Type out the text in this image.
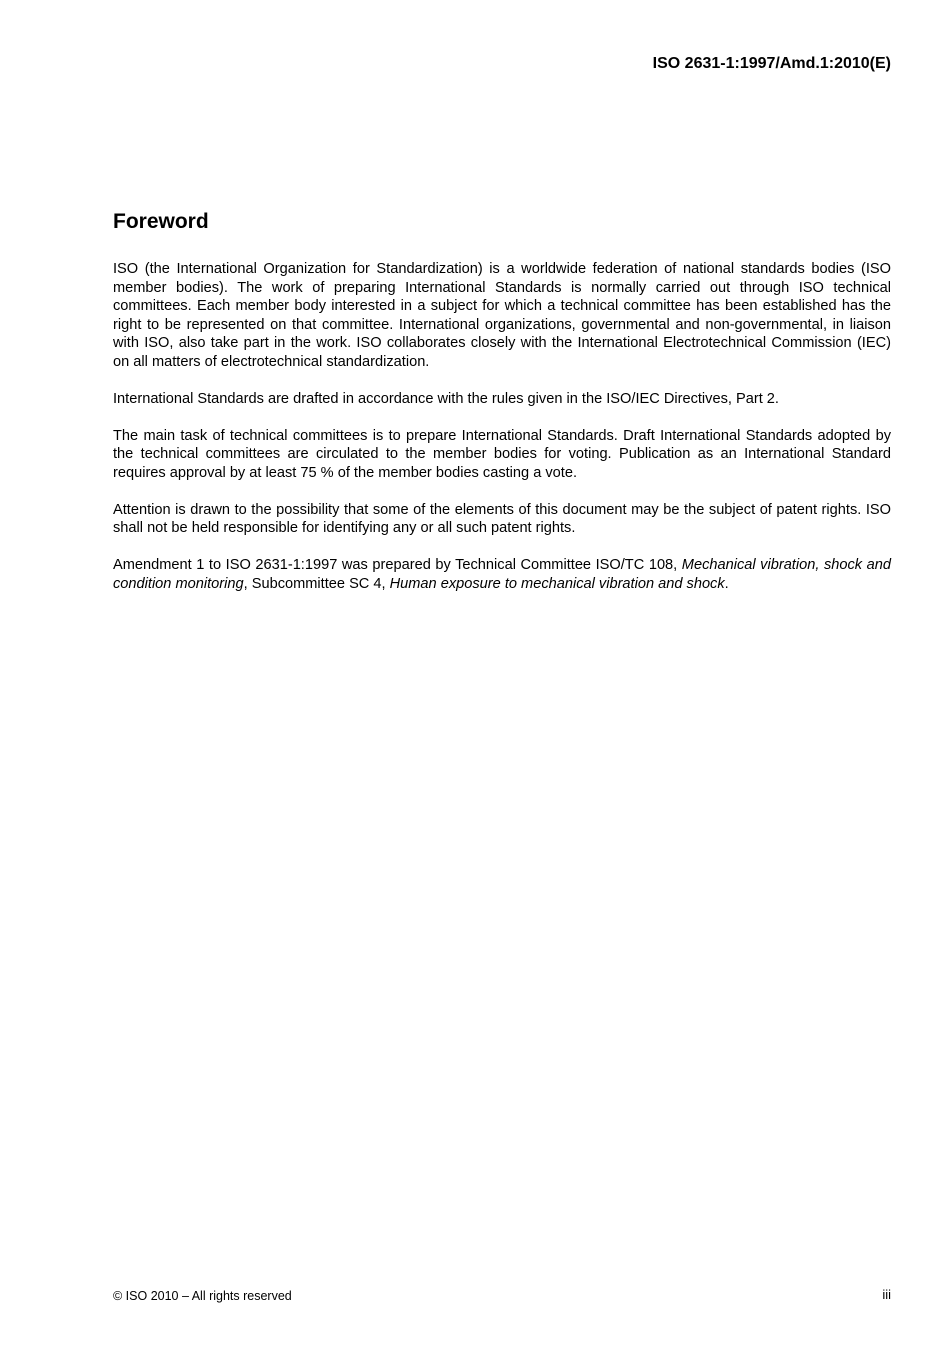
ISO 2631-1:1997/Amd.1:2010(E)
Foreword

ISO (the International Organization for Standardization) is a worldwide federation of national standards bodies (ISO member bodies). The work of preparing International Standards is normally carried out through ISO technical committees. Each member body interested in a subject for which a technical committee has been established has the right to be represented on that committee. International organizations, governmental and non-governmental, in liaison with ISO, also take part in the work. ISO collaborates closely with the International Electrotechnical Commission (IEC) on all matters of electrotechnical standardization.

International Standards are drafted in accordance with the rules given in the ISO/IEC Directives, Part 2.

The main task of technical committees is to prepare International Standards. Draft International Standards adopted by the technical committees are circulated to the member bodies for voting. Publication as an International Standard requires approval by at least 75 % of the member bodies casting a vote.

Attention is drawn to the possibility that some of the elements of this document may be the subject of patent rights. ISO shall not be held responsible for identifying any or all such patent rights.

Amendment 1 to ISO 2631-1:1997 was prepared by Technical Committee ISO/TC 108, Mechanical vibration, shock and condition monitoring, Subcommittee SC 4, Human exposure to mechanical vibration and shock.

© ISO 2010 – All rights reserved	iii
